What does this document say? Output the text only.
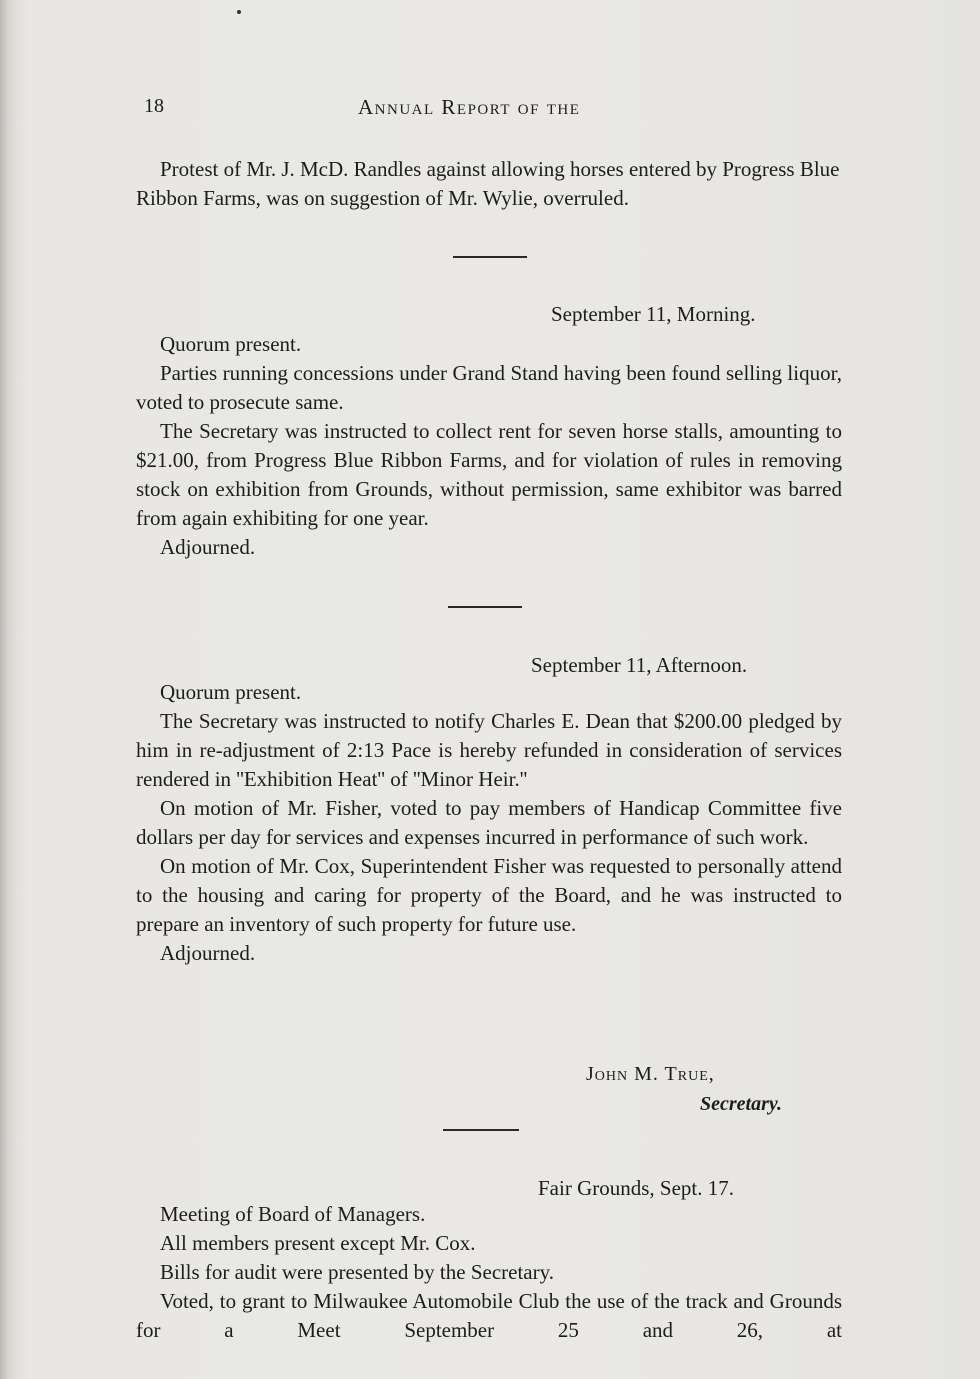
18	Annual Report of the

Protest of Mr. J. McD. Randles against allowing horses entered by Progress Blue Ribbon Farms, was on suggestion of Mr. Wylie, overruled.

September 11, Morning.

Quorum present.

Parties running concessions under Grand Stand having been found selling liquor, voted to prosecute same.

The Secretary was instructed to collect rent for seven horse stalls, amounting to $21.00, from Progress Blue Ribbon Farms, and for violation of rules in removing stock on exhibition from Grounds, without permission, same exhibitor was barred from again exhibiting for one year.

Adjourned.

September 11, Afternoon.

Quorum present.

The Secretary was instructed to notify Charles E. Dean that $200.00 pledged by him in re-adjustment of 2:13 Pace is hereby refunded in consideration of services rendered in ''Exhibition Heat'' of ''Minor Heir.''

On motion of Mr. Fisher, voted to pay members of Handicap Committee five dollars per day for services and expenses incurred in performance of such work.

On motion of Mr. Cox, Superintendent Fisher was requested to personally attend to the housing and caring for property of the Board, and he was instructed to prepare an inventory of such property for future use.

Adjourned.

John M. True,
Secretary.
Fair Grounds, Sept. 17.

Meeting of Board of Managers.

All members present except Mr. Cox.

Bills for audit were presented by the Secretary.

Voted, to grant to Milwaukee Automobile Club the use of the track and Grounds for a Meet September 25 and 26, at
